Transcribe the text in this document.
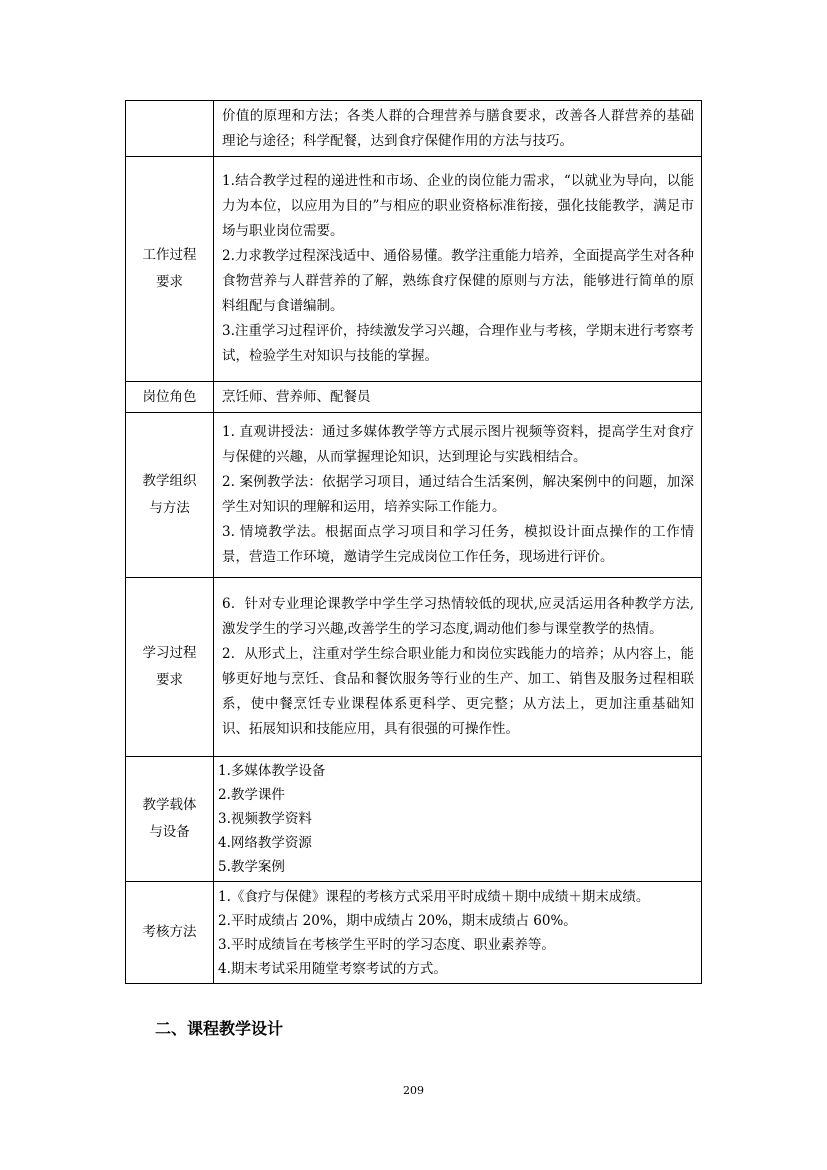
	价值的原理和方法；各类人群的合理营养与膳食要求，改善各人群营养的基础理论与途径；科学配餐，达到食疗保健作用的方法与技巧。

工作过程
要求	1.结合教学过程的递进性和市场、企业的岗位能力需求，“以就业为导向，以能力为本位，以应用为目的”与相应的职业资格标准衔接，强化技能教学，满足市场与职业岗位需要。
2.力求教学过程深浅适中、通俗易懂。教学注重能力培养，全面提高学生对各种食物营养与人群营养的了解，熟练食疗保健的原则与方法，能够进行简单的原料组配与食谱编制。
3.注重学习过程评价，持续激发学习兴趣，合理作业与考核，学期末进行考察考试，检验学生对知识与技能的掌握。

岗位角色	烹饪师、营养师、配餐员

教学组织
与方法	1. 直观讲授法：通过多媒体教学等方式展示图片视频等资料，提高学生对食疗与保健的兴趣，从而掌握理论知识，达到理论与实践相结合。
2. 案例教学法：依据学习项目，通过结合生活案例，解决案例中的问题，加深学生对知识的理解和运用，培养实际工作能力。
3. 情境教学法。根据面点学习项目和学习任务，模拟设计面点操作的工作情景，营造工作环境，邀请学生完成岗位工作任务，现场进行评价。

学习过程
要求	6．针对专业理论课教学中学生学习热情较低的现状,应灵活运用各种教学方法,激发学生的学习兴趣,改善学生的学习态度,调动他们参与课堂教学的热情。
2．从形式上，注重对学生综合职业能力和岗位实践能力的培养；从内容上，能够更好地与烹饪、食品和餐饮服务等行业的生产、加工、销售及服务过程相联系，使中餐烹饪专业课程体系更科学、更完整；从方法上，更加注重基础知识、拓展知识和技能应用，具有很强的可操作性。

教学载体
与设备	1.多媒体教学设备
2.教学课件
3.视频教学资料
4.网络教学资源
5.教学案例

考核方法	1.《食疗与保健》课程的考核方式采用平时成绩＋期中成绩＋期末成绩。
2.平时成绩占 20%，期中成绩占 20%，期末成绩占 60%。
3.平时成绩旨在考核学生平时的学习态度、职业素养等。
4.期末考试采用随堂考察考试的方式。
二、课程教学设计
209
